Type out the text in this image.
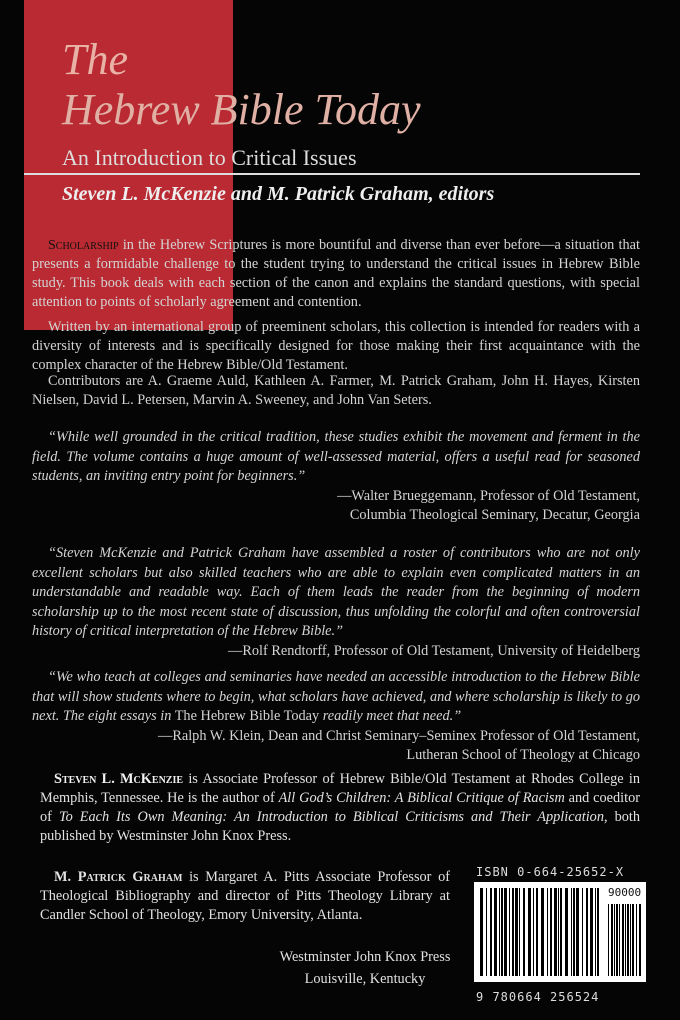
The
Hebrew Bible Today
An Introduction to Critical Issues
Steven L. McKenzie and M. Patrick Graham, editors
Scholarship in the Hebrew Scriptures is more bountiful and diverse than ever before—a situation that presents a formidable challenge to the student trying to understand the critical issues in Hebrew Bible study. This book deals with each section of the canon and explains the standard questions, with special attention to points of scholarly agreement and contention.
Written by an international group of preeminent scholars, this collection is intended for readers with a diversity of interests and is specifically designed for those making their first acquaintance with the complex character of the Hebrew Bible/Old Testament.
Contributors are A. Graeme Auld, Kathleen A. Farmer, M. Patrick Graham, John H. Hayes, Kirsten Nielsen, David L. Petersen, Marvin A. Sweeney, and John Van Seters.
“While well grounded in the critical tradition, these studies exhibit the movement and ferment in the field. The volume contains a huge amount of well-assessed material, offers a useful read for seasoned students, an inviting entry point for beginners.”
—Walter Brueggemann, Professor of Old Testament,
Columbia Theological Seminary, Decatur, Georgia
“Steven McKenzie and Patrick Graham have assembled a roster of contributors who are not only excellent scholars but also skilled teachers who are able to explain even complicated matters in an understandable and readable way. Each of them leads the reader from the beginning of modern scholarship up to the most recent state of discussion, thus unfolding the colorful and often controversial history of critical interpretation of the Hebrew Bible.”
—Rolf Rendtorff, Professor of Old Testament, University of Heidelberg
“We who teach at colleges and seminaries have needed an accessible introduction to the Hebrew Bible that will show students where to begin, what scholars have achieved, and where scholarship is likely to go next. The eight essays in The Hebrew Bible Today readily meet that need.”
—Ralph W. Klein, Dean and Christ Seminary–Seminex Professor of Old Testament,
Lutheran School of Theology at Chicago
Steven L. McKenzie is Associate Professor of Hebrew Bible/Old Testament at Rhodes College in Memphis, Tennessee. He is the author of All God’s Children: A Biblical Critique of Racism and coeditor of To Each Its Own Meaning: An Introduction to Biblical Criticisms and Their Application, both published by Westminster John Knox Press.
M. Patrick Graham is Margaret A. Pitts Associate Professor of Theological Bibliography and director of Pitts Theology Library at Candler School of Theology, Emory University, Atlanta.
Westminster John Knox Press
Louisville, Kentucky
ISBN 0-664-25652-X
90000
9 780664 256524
